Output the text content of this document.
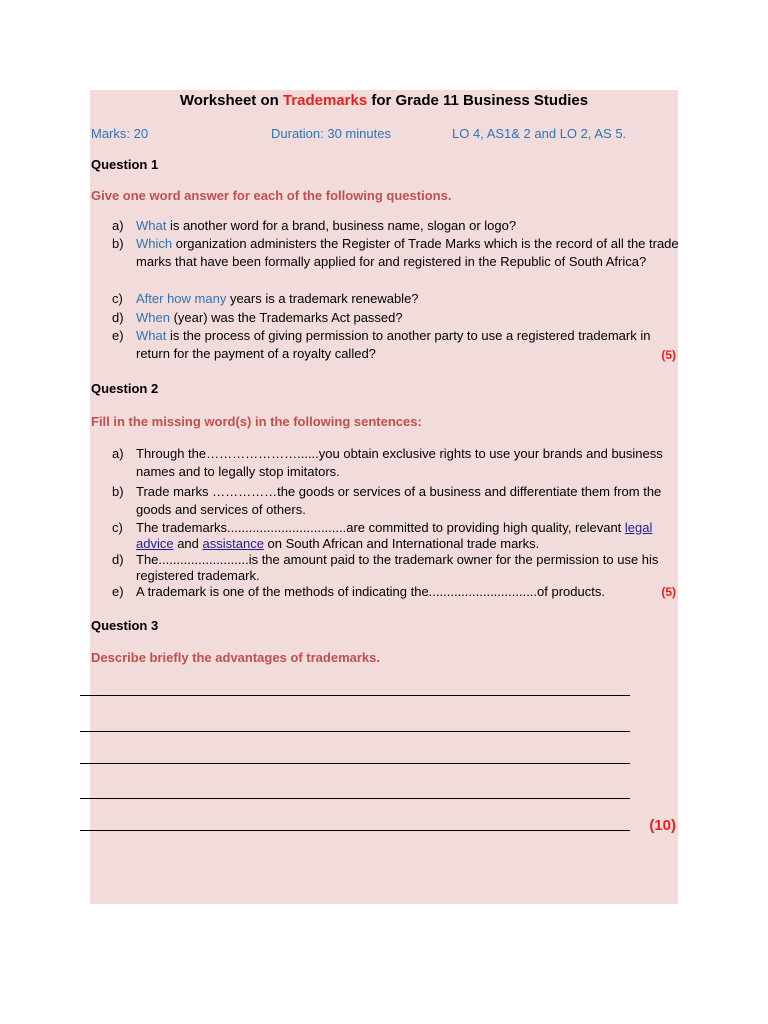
Worksheet on Trademarks for Grade 11 Business Studies
Marks: 20	Duration: 30 minutes	LO 4, AS1& 2 and LO 2, AS 5.
Question 1
Give one word answer for each of the following questions.
a) What is another word for a brand, business name, slogan or logo?
b) Which organization administers the Register of Trade Marks which is the record of all the trade marks that have been formally applied for and registered in the Republic of South Africa?
c)	After how many years is a trademark renewable?
d) When (year) was the Trademarks Act passed?
e) What is the process of giving permission to another party to use a registered trademark in return for the payment of a royalty called?	(5)
Question 2
Fill in the missing word(s) in the following sentences:
a) Through the…………………......you obtain exclusive rights to use your brands and business names and to legally stop imitators.
b) Trade marks ……………the goods or services of a business and differentiate them from the goods and services of others.
c)	The trademarks.................................are committed to providing high quality, relevant legal advice and assistance on South African and International trade marks.
d) The.........................is the amount paid to the trademark owner for the permission to use his registered trademark.
e) A trademark is one of the methods of indicating the..............................of products.	(5)
Question 3
Describe briefly the advantages of trademarks.
(10)
